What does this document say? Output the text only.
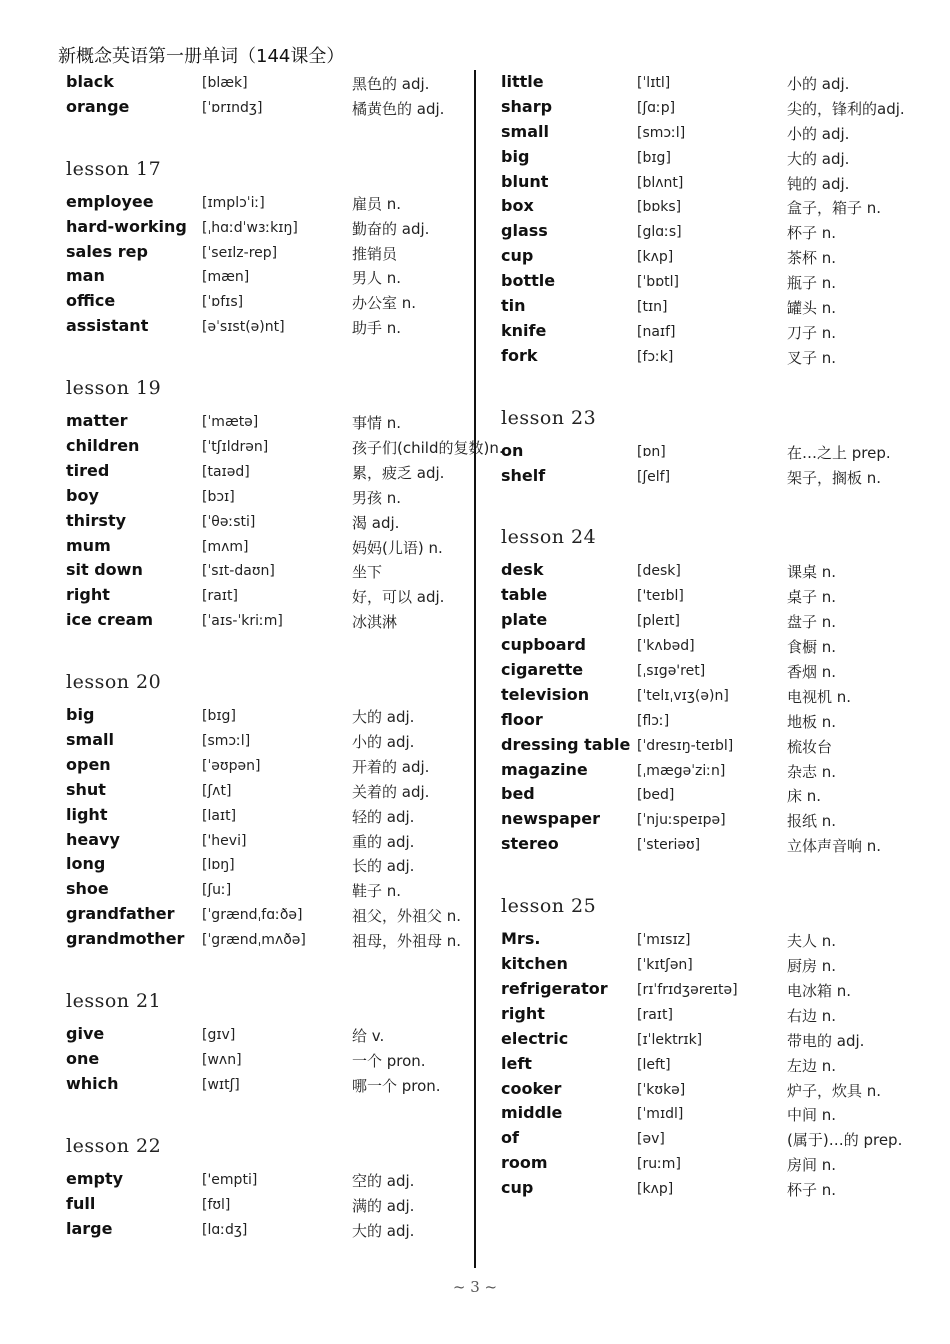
新概念英语第一册单词（144课全）
black	[blæk]	黑色的 adj.
orange	[ˈɒrɪndʒ]	橘黄色的 adj.
lesson 17
employee	[ɪmplɔˈiː]	雇员 n.
hard-working [ˌhɑːdˈwɜːkɪŋ]	勤奋的 adj.
sales rep	[ˈseɪlz-rep]	推销员
man	[mæn]	男人 n.
office	[ˈɒfɪs]	办公室 n.
assistant	[əˈsɪst(ə)nt]	助手 n.
lesson 19
matter	[ˈmætə]	事情 n.
children	[ˈtʃɪldrən]	孩子们(child的复数)n.
tired	[taɪəd]	累，疲乏 adj.
boy	[bɔɪ]	男孩 n.
thirsty	[ˈθəːsti]	渴 adj.
mum	[mʌm]	妈妈(儿语) n.
sit down	[ˈsɪt-daʊn]	坐下
right	[raɪt]	好，可以 adj.
ice cream	[ˈaɪs-ˈkriːm]	冰淇淋
lesson 20
big	[bɪg]	大的 adj.
small	[smɔːl]	小的 adj.
open	[ˈəʊpən]	开着的 adj.
shut	[ʃʌt]	关着的 adj.
light	[laɪt]	轻的 adj.
heavy	['hevi]	重的 adj.
long	[lɒŋ]	长的 adj.
shoe	[ʃuː]	鞋子 n.
grandfather [ˈgrændˌfɑːðə]	祖父，外祖父 n.
grandmother [ˈgrændˌmʌðə]	祖母，外祖母 n.
lesson 21
give	[gɪv]	给 v.
one	[wʌn]	一个 pron.
which	[wɪtʃ]	哪一个 pron.
lesson 22
empty	['empti]	空的 adj.
full	[fʊl]	满的 adj.
large	[lɑːdʒ]	大的 adj.
little	[ˈlɪtl]	小的 adj.
sharp	[ʃɑːp]	尖的，锋利的adj.
small	[smɔːl]	小的 adj.
big	[bɪg]	大的 adj.
blunt	[blʌnt]	钝的 adj.
box	[bɒks]	盒子，箱子 n.
glass	[glɑːs]	杯子 n.
cup	[kʌp]	茶杯 n.
bottle	[ˈbɒtl]	瓶子 n.
tin	[tɪn]	罐头 n.
knife	[naɪf]	刀子 n.
fork	[fɔːk]	叉子 n.
lesson 23
on	[ɒn]	在…之上 prep.
shelf	[ʃelf]	架子，搁板 n.
lesson 24
desk	[desk]	课桌 n.
table	['teɪbl]	桌子 n.
plate	[pleɪt]	盘子 n.
cupboard	[ˈkʌbəd]	食橱 n.
cigarette	[ˌsɪgə'ret]	香烟 n.
television	[ˈtelɪˌvɪʒ(ə)n]	电视机 n.
floor	[flɔː]	地板 n.
dressing table [ˈdresɪŋ-teɪbl]	梳妆台
magazine	[ˌmægəˈziːn]	杂志 n.
bed	[bed]	床 n.
newspaper	[ˈnjuːspeɪpə]	报纸 n.
stereo	[ˈsteriəʊ]	立体声音响 n.
lesson 25
Mrs.	[ˈmɪsɪz]	夫人 n.
kitchen	[ˈkɪtʃən]	厨房 n.
refrigerator [rɪˈfrɪdʒəreɪtə]	电冰箱 n.
right	[raɪt]	右边 n.
electric	[ɪˈlektrɪk]	带电的 adj.
left	[left]	左边 n.
cooker	[ˈkʊkə]	炉子，炊具 n.
middle	[ˈmɪdl]	中间 n.
of	[əv]	(属于)…的 prep.
room	[ruːm]	房间 n.
cup	[kʌp]	杯子 n.
~ 3 ~
